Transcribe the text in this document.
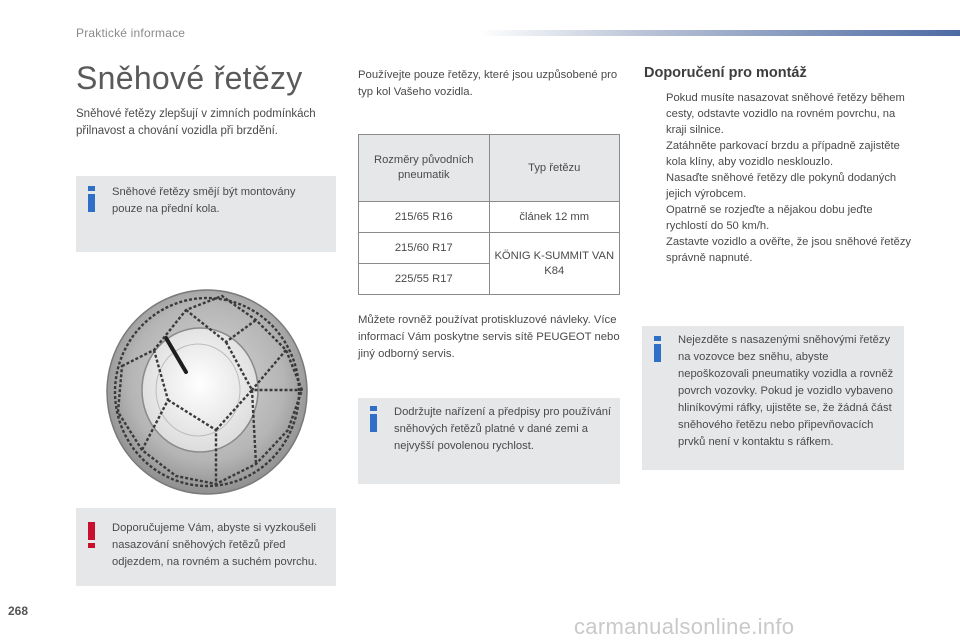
Praktické informace
Sněhové řetězy
Sněhové řetězy zlepšují v zimních podmínkách přilnavost a chování vozidla při brzdění.
Sněhové řetězy smějí být montovány pouze na přední kola.
Doporučujeme Vám, abyste si vyzkoušeli nasazování sněhových řetězů před odjezdem, na rovném a suchém povrchu.
Používejte pouze řetězy, které jsou uzpůsobené pro typ kol Vašeho vozidla.
Rozměry původních pneumatik	Typ řetězu
215/65 R16	článek 12 mm
215/60 R17	KÖNIG K-SUMMIT VAN K84
225/55 R17	
Můžete rovněž používat protiskluzové návleky. Více informací Vám poskytne servis sítě PEUGEOT nebo jiný odborný servis.
Dodržujte nařízení a předpisy pro používání sněhových řetězů platné v dané zemi a nejvyšší povolenou rychlost.
Doporučení pro montáž
Pokud musíte nasazovat sněhové řetězy během cesty, odstavte vozidlo na rovném povrchu, na kraji silnice.
Zatáhněte parkovací brzdu a případně zajistěte kola klíny, aby vozidlo nesklouzlo.
Nasaďte sněhové řetězy dle pokynů dodaných jejich výrobcem.
Opatrně se rozjeďte a nějakou dobu jeďte rychlostí do 50 km/h.
Zastavte vozidlo a ověřte, že jsou sněhové řetězy správně napnuté.
Nejezděte s nasazenými sněhovými řetězy na vozovce bez sněhu, abyste nepoškozovali pneumatiky vozidla a rovněž povrch vozovky. Pokud je vozidlo vybaveno hliníkovými ráfky, ujistěte se, že žádná část sněhového řetězu nebo připevňovacích prvků není v kontaktu s ráfkem.
268
carmanualsonline.info
